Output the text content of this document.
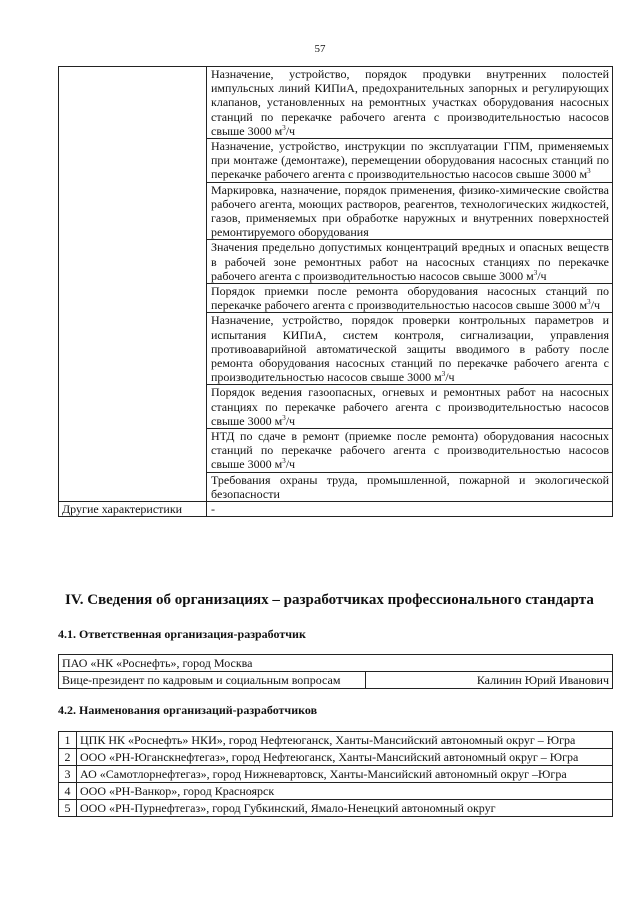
57
	Назначение, устройство, порядок продувки внутренних полостей импульсных линий КИПиА, предохранительных запорных и регулирующих клапанов, установленных на ремонтных участках оборудования насосных станций по перекачке рабочего агента с производительностью насосов свыше 3000 $м^3/ч$
	Назначение, устройство, инструкции по эксплуатации ГПМ, применяемых при монтаже (демонтаже), перемещении оборудования насосных станций по перекачке рабочего агента с производительностью насосов свыше 3000 $м^3$
	Маркировка, назначение, порядок применения, физико-химические свойства рабочего агента, моющих растворов, реагентов, технологических жидкостей, газов, применяемых при обработке наружных и внутренних поверхностей ремонтируемого оборудования
	Значения предельно допустимых концентраций вредных и опасных веществ в рабочей зоне ремонтных работ на насосных станциях по перекачке рабочего агента с производительностью насосов свыше 3000 $м^3/ч$
	Порядок приемки после ремонта оборудования насосных станций по перекачке рабочего агента с производительностью насосов свыше 3000 $м^3/ч$
	Назначение, устройство, порядок проверки контрольных параметров и испытания КИПиА, систем контроля, сигнализации, управления противоаварийной автоматической защиты вводимого в работу после ремонта оборудования насосных станций по перекачке рабочего агента с производительностью насосов свыше 3000 $м^3/ч$
	Порядок ведения газоопасных, огневых и ремонтных работ на насосных станциях по перекачке рабочего агента с производительностью насосов свыше 3000 $м^3/ч$
	НТД по сдаче в ремонт (приемке после ремонта) оборудования насосных станций по перекачке рабочего агента с производительностью насосов свыше 3000 $м^3/ч$
	Требования охраны труда, промышленной, пожарной и экологической безопасности
Другие характеристики	-
IV. Сведения об организациях – разработчиках профессионального стандарта
4.1. Ответственная организация-разработчик
ПАО «НК «Роснефть», город Москва
Вице-президент по кадровым и социальным вопросам	Калинин Юрий Иванович
4.2. Наименования организаций-разработчиков
1	ЦПК НК «Роснефть» НКИ», город Нефтеюганск, Ханты-Мансийский автономный округ – Югра
2	ООО «РН-Юганскнефтегаз», город Нефтеюганск, Ханты-Мансийский автономный округ – Югра
3	АО «Самотлорнефтегаз», город Нижневартовск, Ханты-Мансийский автономный округ –Югра
4	ООО «РН-Ванкор», город Красноярск
5	ООО «РН-Пурнефтегаз», город Губкинский, Ямало-Ненецкий автономный округ
